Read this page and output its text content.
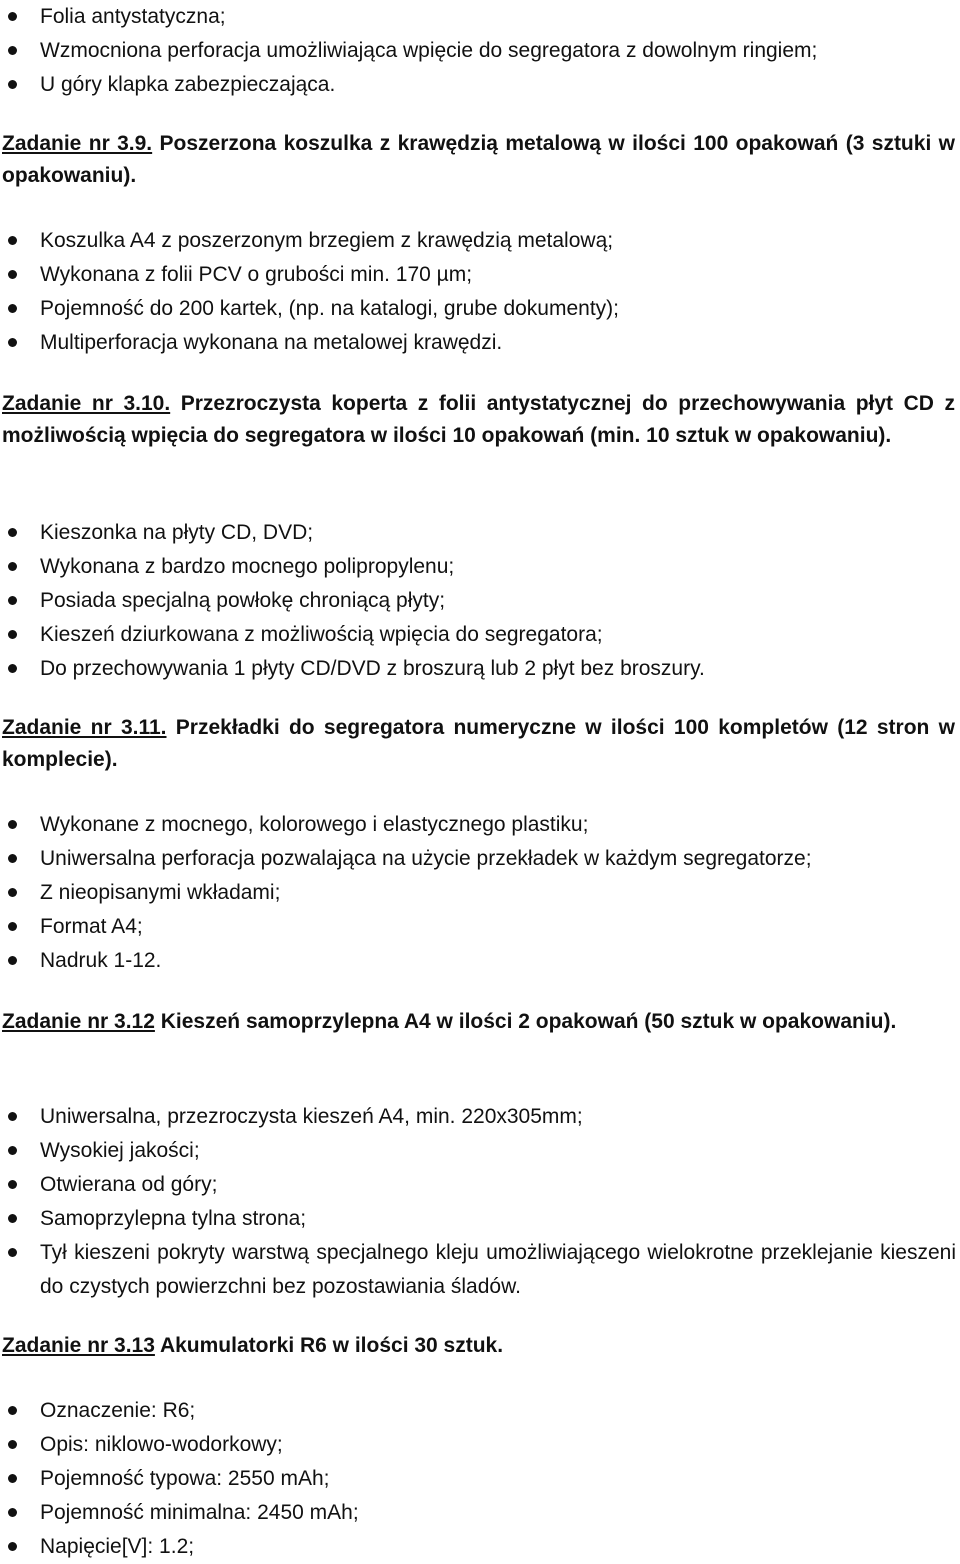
Folia antystatyczna;
Wzmocniona perforacja umożliwiająca wpięcie do segregatora z dowolnym ringiem;
U góry klapka zabezpieczająca.

Zadanie nr 3.9. Poszerzona koszulka z krawędzią metalową w ilości 100 opakowań (3 sztuki w opakowaniu).

Koszulka A4 z poszerzonym brzegiem z krawędzią metalową;
Wykonana z folii PCV o grubości min. 170 µm;
Pojemność do 200 kartek, (np. na katalogi, grube dokumenty);
Multiperforacja wykonana na metalowej krawędzi.

Zadanie nr 3.10. Przezroczysta koperta z folii antystatycznej do przechowywania płyt CD z możliwością wpięcia do segregatora w ilości 10 opakowań (min. 10 sztuk w opakowaniu).

Kieszonka na płyty CD, DVD;
Wykonana z bardzo mocnego polipropylenu;
Posiada specjalną powłokę chroniącą płyty;
Kieszeń dziurkowana z możliwością wpięcia do segregatora;
Do przechowywania 1 płyty CD/DVD z broszurą lub 2 płyt bez broszury.

Zadanie nr 3.11. Przekładki do segregatora numeryczne w ilości 100 kompletów (12 stron w komplecie).

Wykonane z mocnego, kolorowego i elastycznego plastiku;
Uniwersalna perforacja pozwalająca na użycie przekładek w każdym segregatorze;
Z nieopisanymi wkładami;
Format A4;
Nadruk 1-12.

Zadanie nr 3.12 Kieszeń samoprzylepna A4 w ilości 2 opakowań (50 sztuk w opakowaniu).

Uniwersalna, przezroczysta kieszeń A4, min. 220x305mm;
Wysokiej jakości;
Otwierana od góry;
Samoprzylepna tylna strona;
Tył kieszeni pokryty warstwą specjalnego kleju umożliwiającego wielokrotne przeklejanie kieszeni do czystych powierzchni bez pozostawiania śladów.

Zadanie nr 3.13 Akumulatorki R6 w ilości 30 sztuk.

Oznaczenie: R6;
Opis: niklowo-wodorkowy;
Pojemność typowa: 2550 mAh;
Pojemność minimalna: 2450 mAh;
Napięcie[V]: 1.2;
